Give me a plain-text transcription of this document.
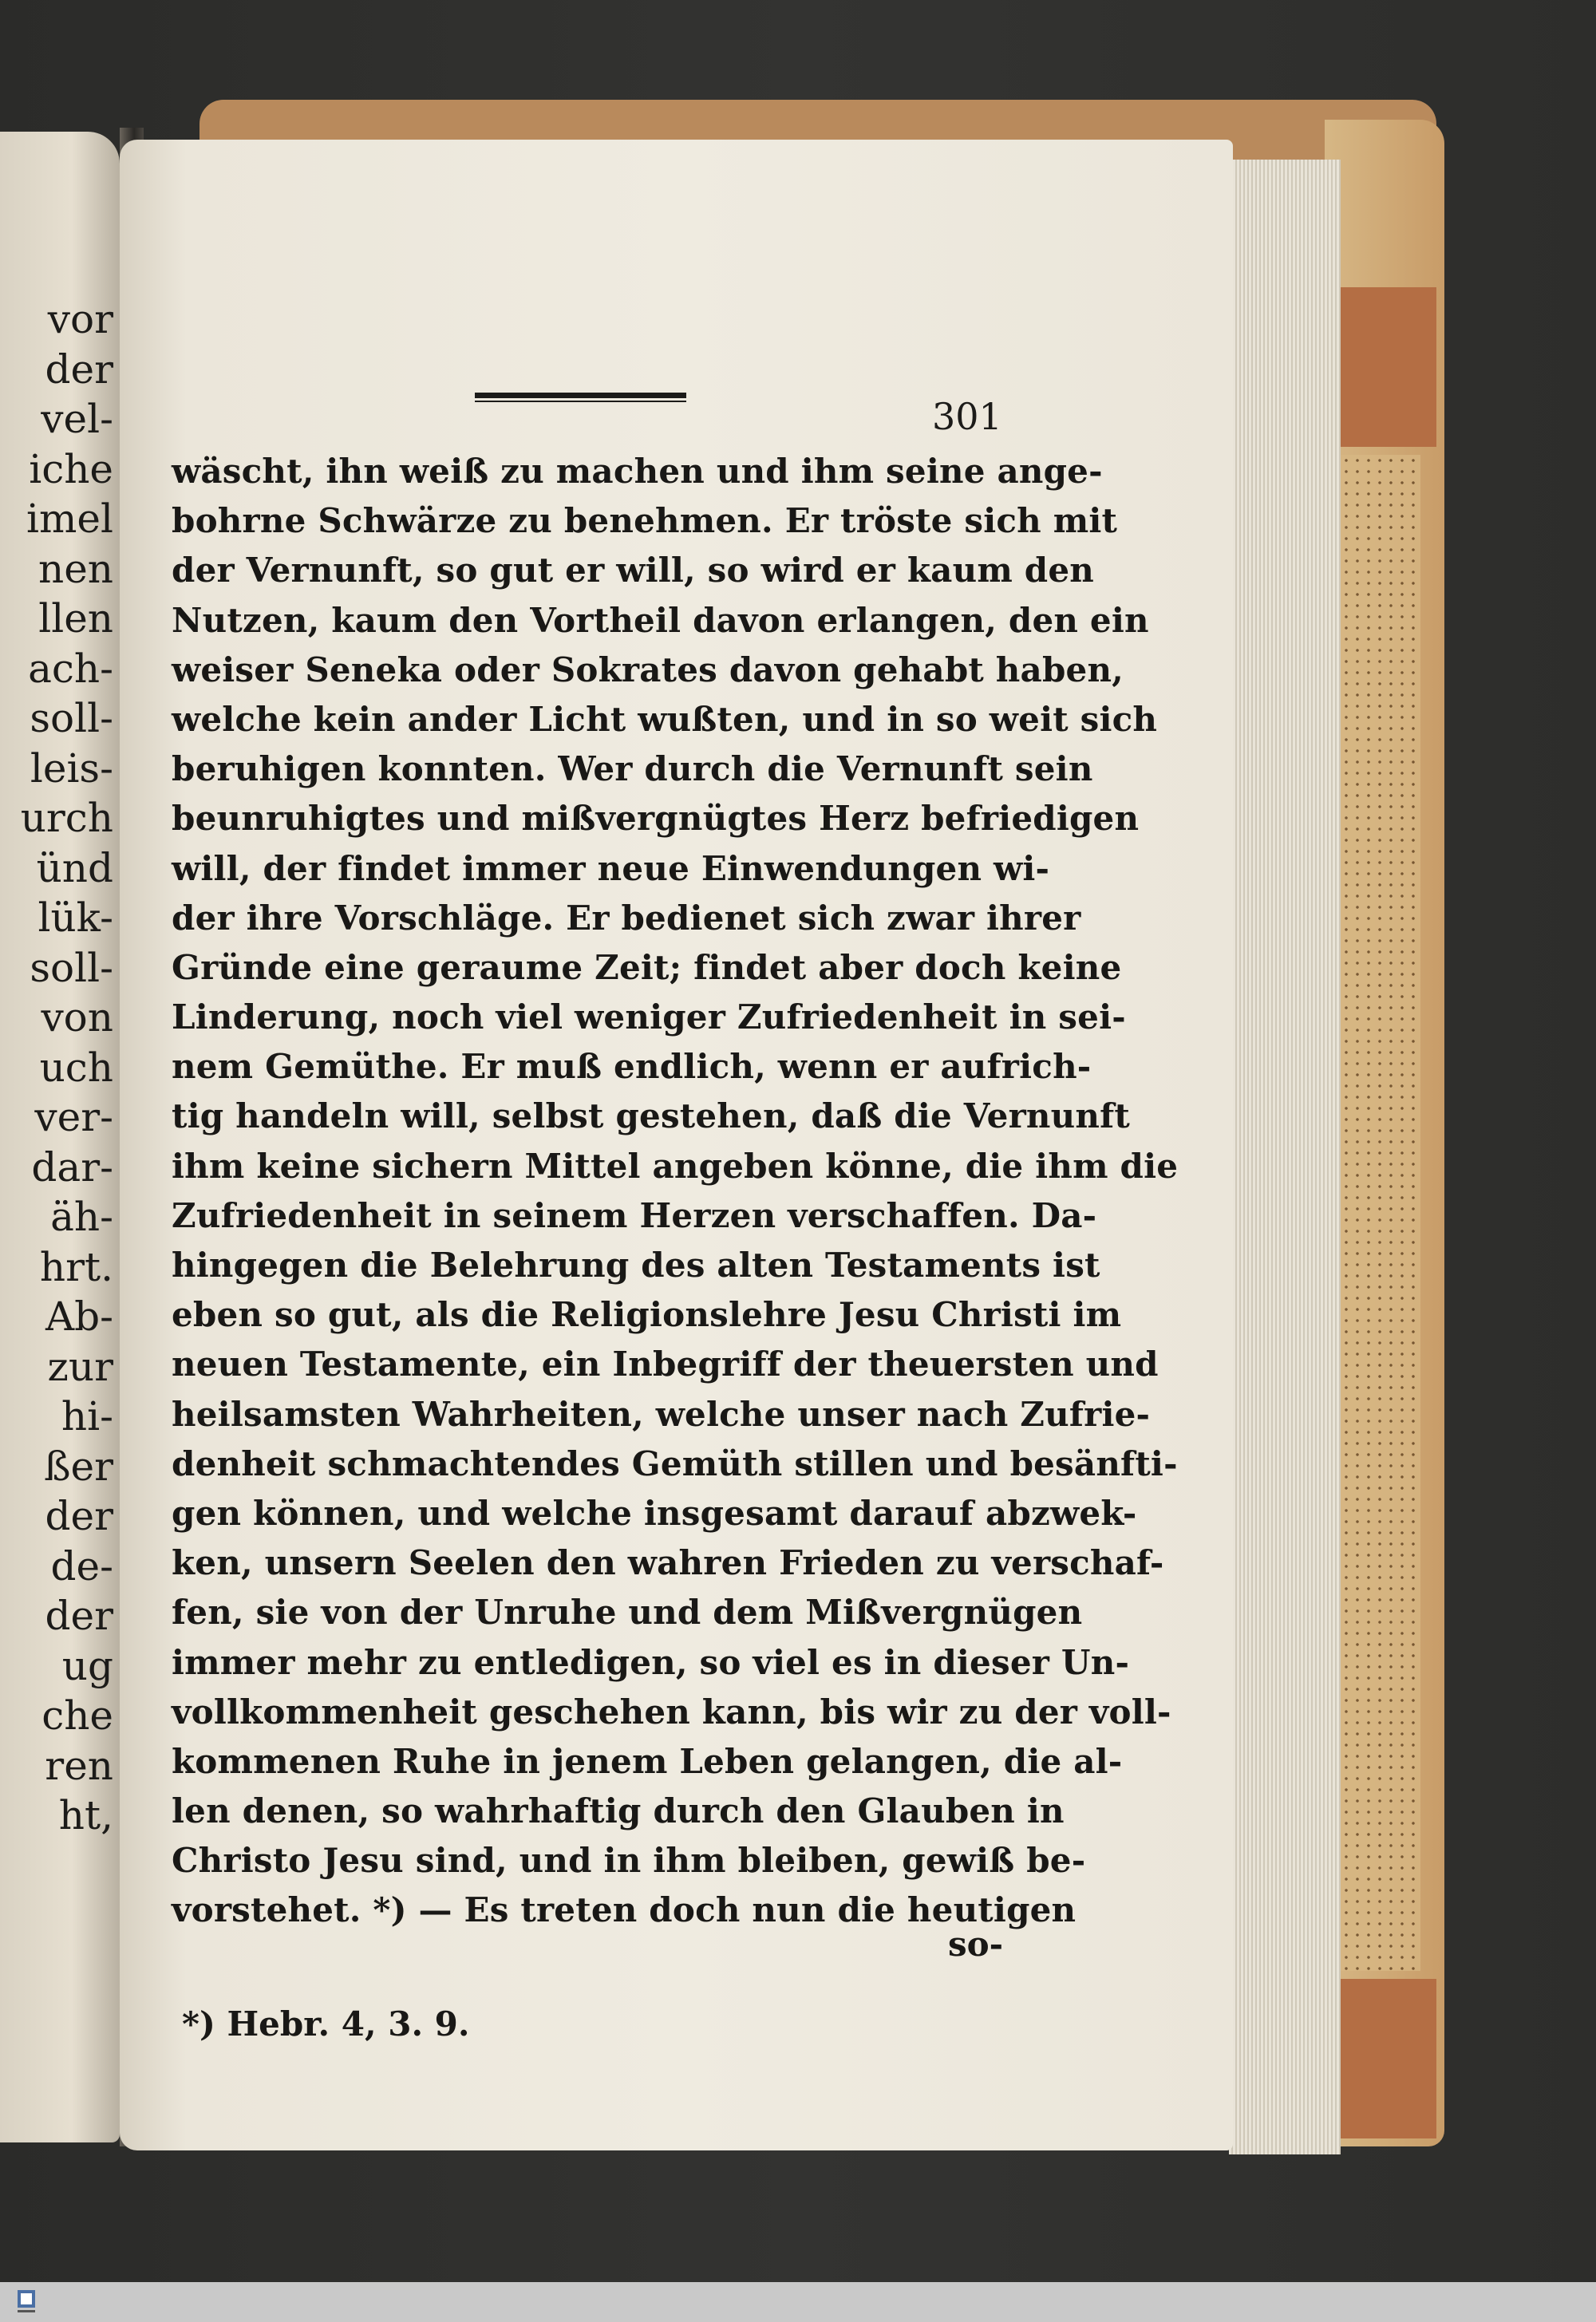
vor
der
vel-
iche
imel
nen
llen
ach-
soll-
leis-
urch
ünd
lük-
soll-
von
uch
ver-
dar-
äh-
hrt.
Ab-
zur
hi-
ßer
der
de-
der
ug
che
ren
ht,
301
wäscht, ihn weiß zu machen und ihm seine ange-
bohrne Schwärze zu benehmen. Er tröste sich mit
der Vernunft, so gut er will, so wird er kaum den
Nutzen, kaum den Vortheil davon erlangen, den ein
weiser Seneka oder Sokrates davon gehabt haben,
welche kein ander Licht wußten, und in so weit sich
beruhigen konnten. Wer durch die Vernunft sein
beunruhigtes und mißvergnügtes Herz befriedigen
will, der findet immer neue Einwendungen wi-
der ihre Vorschläge. Er bedienet sich zwar ihrer
Gründe eine geraume Zeit; findet aber doch keine
Linderung, noch viel weniger Zufriedenheit in sei-
nem Gemüthe. Er muß endlich, wenn er aufrich-
tig handeln will, selbst gestehen, daß die Vernunft
ihm keine sichern Mittel angeben könne, die ihm die
Zufriedenheit in seinem Herzen verschaffen. Da-
hingegen die Belehrung des alten Testaments ist
eben so gut, als die Religionslehre Jesu Christi im
neuen Testamente, ein Inbegriff der theuersten und
heilsamsten Wahrheiten, welche unser nach Zufrie-
denheit schmachtendes Gemüth stillen und besänfti-
gen können, und welche insgesamt darauf abzwek-
ken, unsern Seelen den wahren Frieden zu verschaf-
fen, sie von der Unruhe und dem Mißvergnügen
immer mehr zu entledigen, so viel es in dieser Un-
vollkommenheit geschehen kann, bis wir zu der voll-
kommenen Ruhe in jenem Leben gelangen, die al-
len denen, so wahrhaftig durch den Glauben in
Christo Jesu sind, und in ihm bleiben, gewiß be-
vorstehet. *) — Es treten doch nun die heutigen
so-
*) Hebr. 4, 3. 9.
